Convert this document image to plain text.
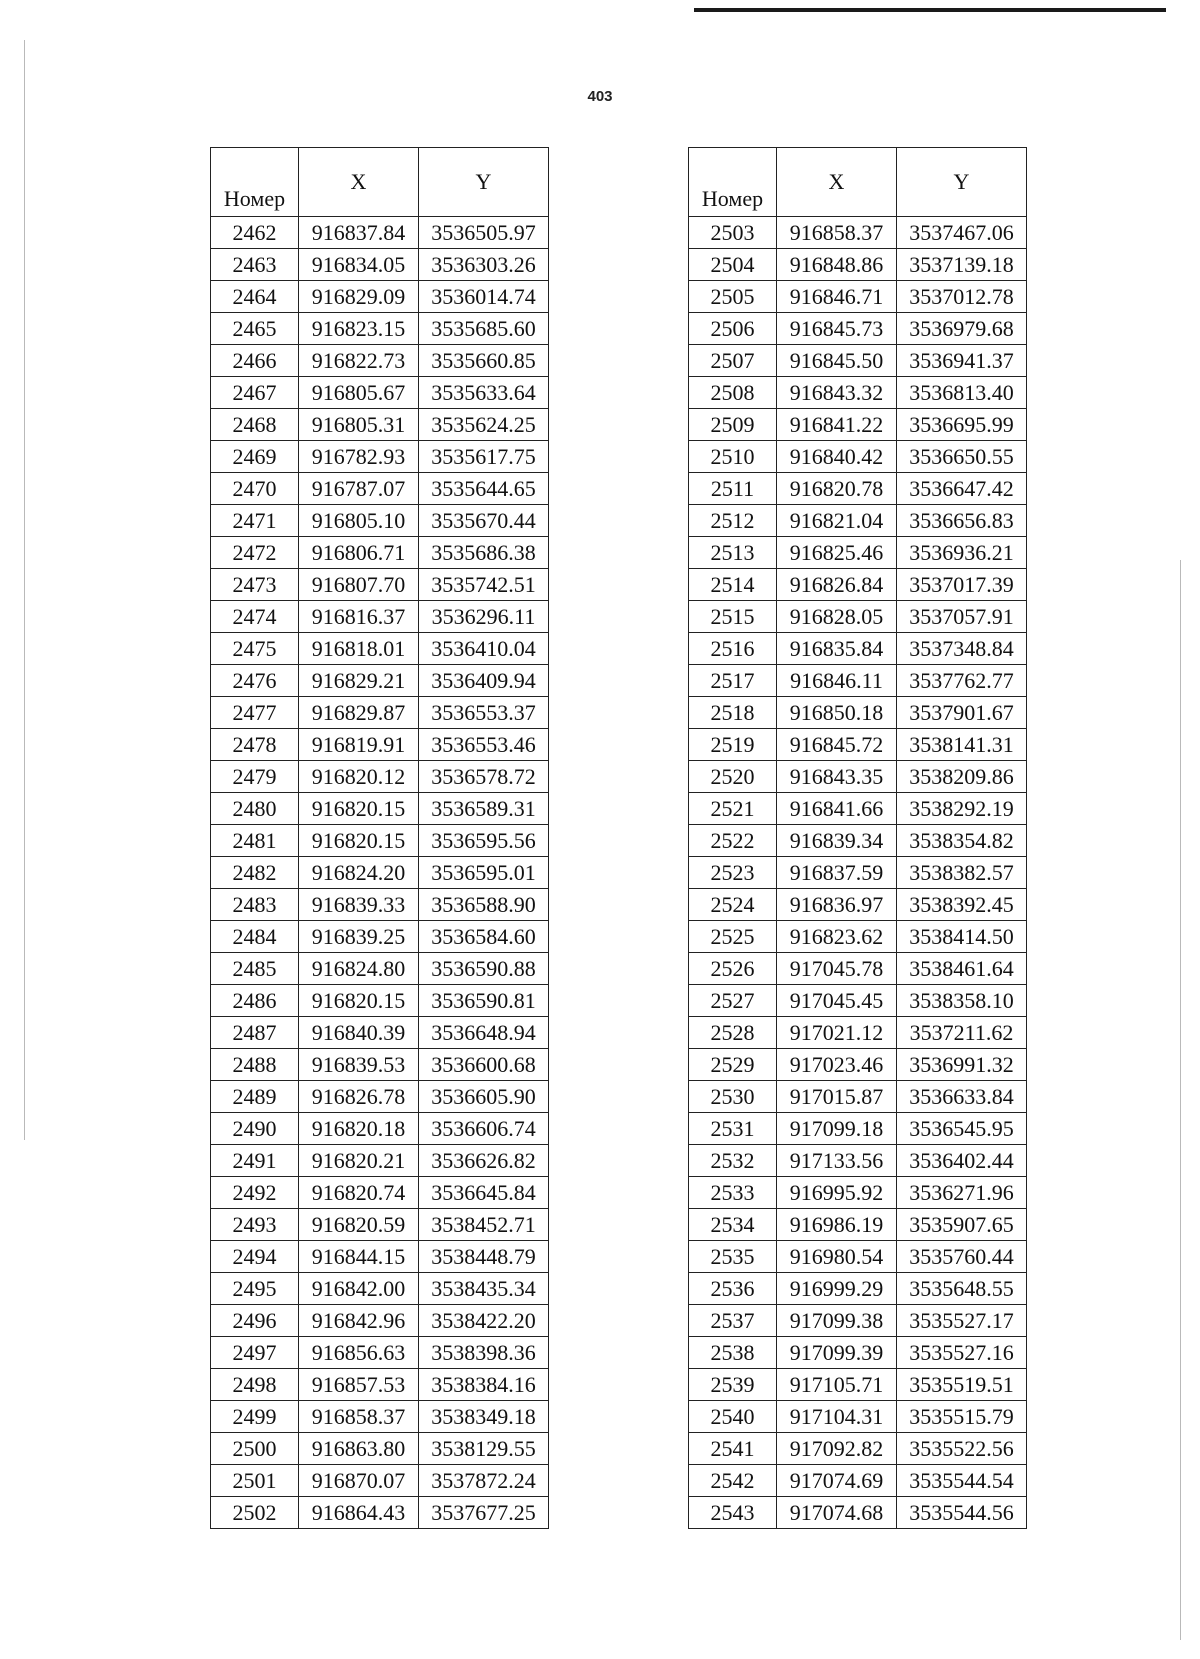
403
Номер	X	Y
2462	916837.84	3536505.97
2463	916834.05	3536303.26
2464	916829.09	3536014.74
2465	916823.15	3535685.60
2466	916822.73	3535660.85
2467	916805.67	3535633.64
2468	916805.31	3535624.25
2469	916782.93	3535617.75
2470	916787.07	3535644.65
2471	916805.10	3535670.44
2472	916806.71	3535686.38
2473	916807.70	3535742.51
2474	916816.37	3536296.11
2475	916818.01	3536410.04
2476	916829.21	3536409.94
2477	916829.87	3536553.37
2478	916819.91	3536553.46
2479	916820.12	3536578.72
2480	916820.15	3536589.31
2481	916820.15	3536595.56
2482	916824.20	3536595.01
2483	916839.33	3536588.90
2484	916839.25	3536584.60
2485	916824.80	3536590.88
2486	916820.15	3536590.81
2487	916840.39	3536648.94
2488	916839.53	3536600.68
2489	916826.78	3536605.90
2490	916820.18	3536606.74
2491	916820.21	3536626.82
2492	916820.74	3536645.84
2493	916820.59	3538452.71
2494	916844.15	3538448.79
2495	916842.00	3538435.34
2496	916842.96	3538422.20
2497	916856.63	3538398.36
2498	916857.53	3538384.16
2499	916858.37	3538349.18
2500	916863.80	3538129.55
2501	916870.07	3537872.24
2502	916864.43	3537677.25
Номер	X	Y
2503	916858.37	3537467.06
2504	916848.86	3537139.18
2505	916846.71	3537012.78
2506	916845.73	3536979.68
2507	916845.50	3536941.37
2508	916843.32	3536813.40
2509	916841.22	3536695.99
2510	916840.42	3536650.55
2511	916820.78	3536647.42
2512	916821.04	3536656.83
2513	916825.46	3536936.21
2514	916826.84	3537017.39
2515	916828.05	3537057.91
2516	916835.84	3537348.84
2517	916846.11	3537762.77
2518	916850.18	3537901.67
2519	916845.72	3538141.31
2520	916843.35	3538209.86
2521	916841.66	3538292.19
2522	916839.34	3538354.82
2523	916837.59	3538382.57
2524	916836.97	3538392.45
2525	916823.62	3538414.50
2526	917045.78	3538461.64
2527	917045.45	3538358.10
2528	917021.12	3537211.62
2529	917023.46	3536991.32
2530	917015.87	3536633.84
2531	917099.18	3536545.95
2532	917133.56	3536402.44
2533	916995.92	3536271.96
2534	916986.19	3535907.65
2535	916980.54	3535760.44
2536	916999.29	3535648.55
2537	917099.38	3535527.17
2538	917099.39	3535527.16
2539	917105.71	3535519.51
2540	917104.31	3535515.79
2541	917092.82	3535522.56
2542	917074.69	3535544.54
2543	917074.68	3535544.56
